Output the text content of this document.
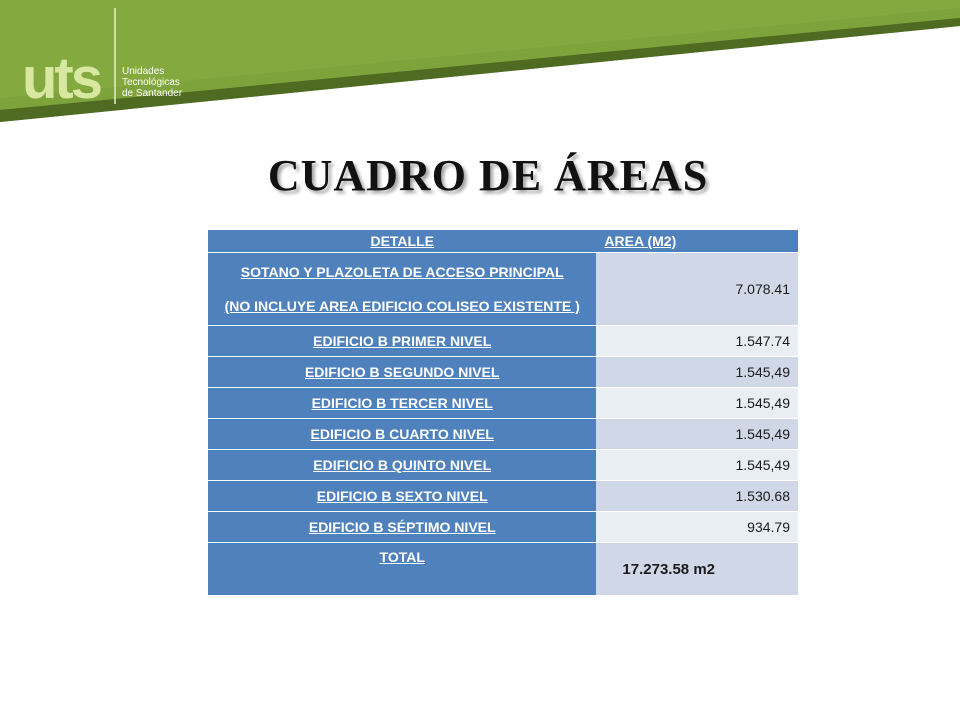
uts Unidades
Tecnológicas
de Santander
CUADRO DE ÁREAS
DETALLE	AREA (M2)

SOTANO Y PLAZOLETA DE ACCESO PRINCIPAL
(NO INCLUYE AREA EDIFICIO COLISEO EXISTENTE )	7.078.41
EDIFICIO B PRIMER NIVEL	1.547.74
EDIFICIO B SEGUNDO NIVEL	1.545,49
EDIFICIO B TERCER NIVEL	1.545,49
EDIFICIO B CUARTO NIVEL	1.545,49
EDIFICIO B QUINTO NIVEL	1.545,49
EDIFICIO B SEXTO NIVEL	1.530.68
EDIFICIO B SÉPTIMO NIVEL	934.79
TOTAL	17.273.58 m2
